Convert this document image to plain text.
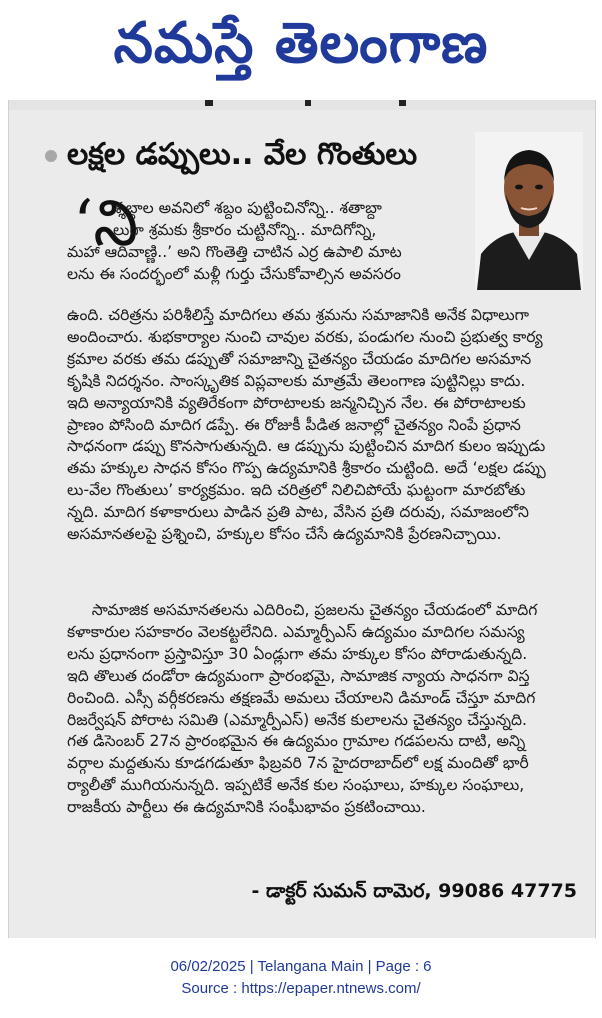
నమస్తే తెలంగాణ
లక్షల డప్పులు.. వేల గొంతులు
‘ని

శ్శబ్దాల అవనిలో శబ్దం పుట్టించినోన్ని.. శతాబ్దా

లుగా శ్రమకు శ్రీకారం చుట్టినోన్ని.. మాదిగోన్ని,

మహా ఆదివాణ్ణి..’ అని గొంతెత్తి చాటిన ఎర్ర ఉపాలి మాట

లను ఈ సందర్భంలో మళ్లీ గుర్తు చేసుకోవాల్సిన అవసరం

ఉంది. చరిత్రను పరిశీలిస్తే మాదిగలు తమ శ్రమను సమాజానికి అనేక విధాలుగా

అందించారు. శుభకార్యాల నుంచి చావుల వరకు, పండుగల నుంచి ప్రభుత్వ కార్య

క్రమాల వరకు తమ డప్పుతో సమాజాన్ని చైతన్యం చేయడం మాదిగల అసమాన

కృషికి నిదర్శనం. సాంస్కృతిక విప్లవాలకు మాత్రమే తెలంగాణ పుట్టినిల్లు కాదు.

ఇది అన్యాయానికి వ్యతిరేకంగా పోరాటాలకు జన్మనిచ్చిన నేల. ఈ పోరాటాలకు

ప్రాణం పోసింది మాదిగ డప్పే. ఈ రోజుకీ పీడిత జనాల్లో చైతన్యం నింపే ప్రధాన

సాధనంగా డప్పు కొనసాగుతున్నది. ఆ డప్పును పుట్టించిన మాదిగ కులం ఇప్పుడు

తమ హక్కుల సాధన కోసం గొప్ప ఉద్యమానికి శ్రీకారం చుట్టింది. అదే ‘లక్షల డప్పు

లు-వేల గొంతులు’ కార్యక్రమం. ఇది చరిత్రలో నిలిచిపోయే ఘట్టంగా మారబోతు

న్నది. మాదిగ కళాకారులు పాడిన ప్రతి పాట, వేసిన ప్రతి దరువు, సమాజంలోని

అసమానతలపై ప్రశ్నించి, హక్కుల కోసం చేసే ఉద్యమానికి ప్రేరణనిచ్చాయి.

సామాజిక అసమానతలను ఎదిరించి, ప్రజలను చైతన్యం చేయడంలో మాదిగ

కళాకారుల సహకారం వెలకట్టలేనిది. ఎమ్మార్పీఎస్ ఉద్యమం మాదిగల సమస్య

లను ప్రధానంగా ప్రస్తావిస్తూ 30 ఏండ్లుగా తమ హక్కుల కోసం పోరాడుతున్నది.

ఇది తొలుత దండోరా ఉద్యమంగా ప్రారంభమై, సామాజిక న్యాయ సాధనగా విస్త

రించింది. ఎస్సీ వర్గీకరణను తక్షణమే అమలు చేయాలని డిమాండ్ చేస్తూ మాదిగ

రిజర్వేషన్ పోరాట సమితి (ఎమ్మార్పీఎస్) అనేక కులాలను చైతన్యం చేస్తున్నది.

గత డిసెంబర్ 27న ప్రారంభమైన ఈ ఉద్యమం గ్రామాల గడపలను దాటి, అన్ని

వర్గాల మద్దతును కూడగడుతూ ఫిబ్రవరి 7న హైదరాబాద్‌లో లక్ష మందితో భారీ

ర్యాలీతో ముగియనున్నది. ఇప్పటికే అనేక కుల సంఘాలు, హక్కుల సంఘాలు,

రాజకీయ పార్టీలు ఈ ఉద్యమానికి సంఘీభావం ప్రకటించాయి.

- డాక్టర్ సుమన్ దామెర, 99086 47775
06/02/2025 | Telangana Main | Page : 6
Source : https://epaper.ntnews.com/
